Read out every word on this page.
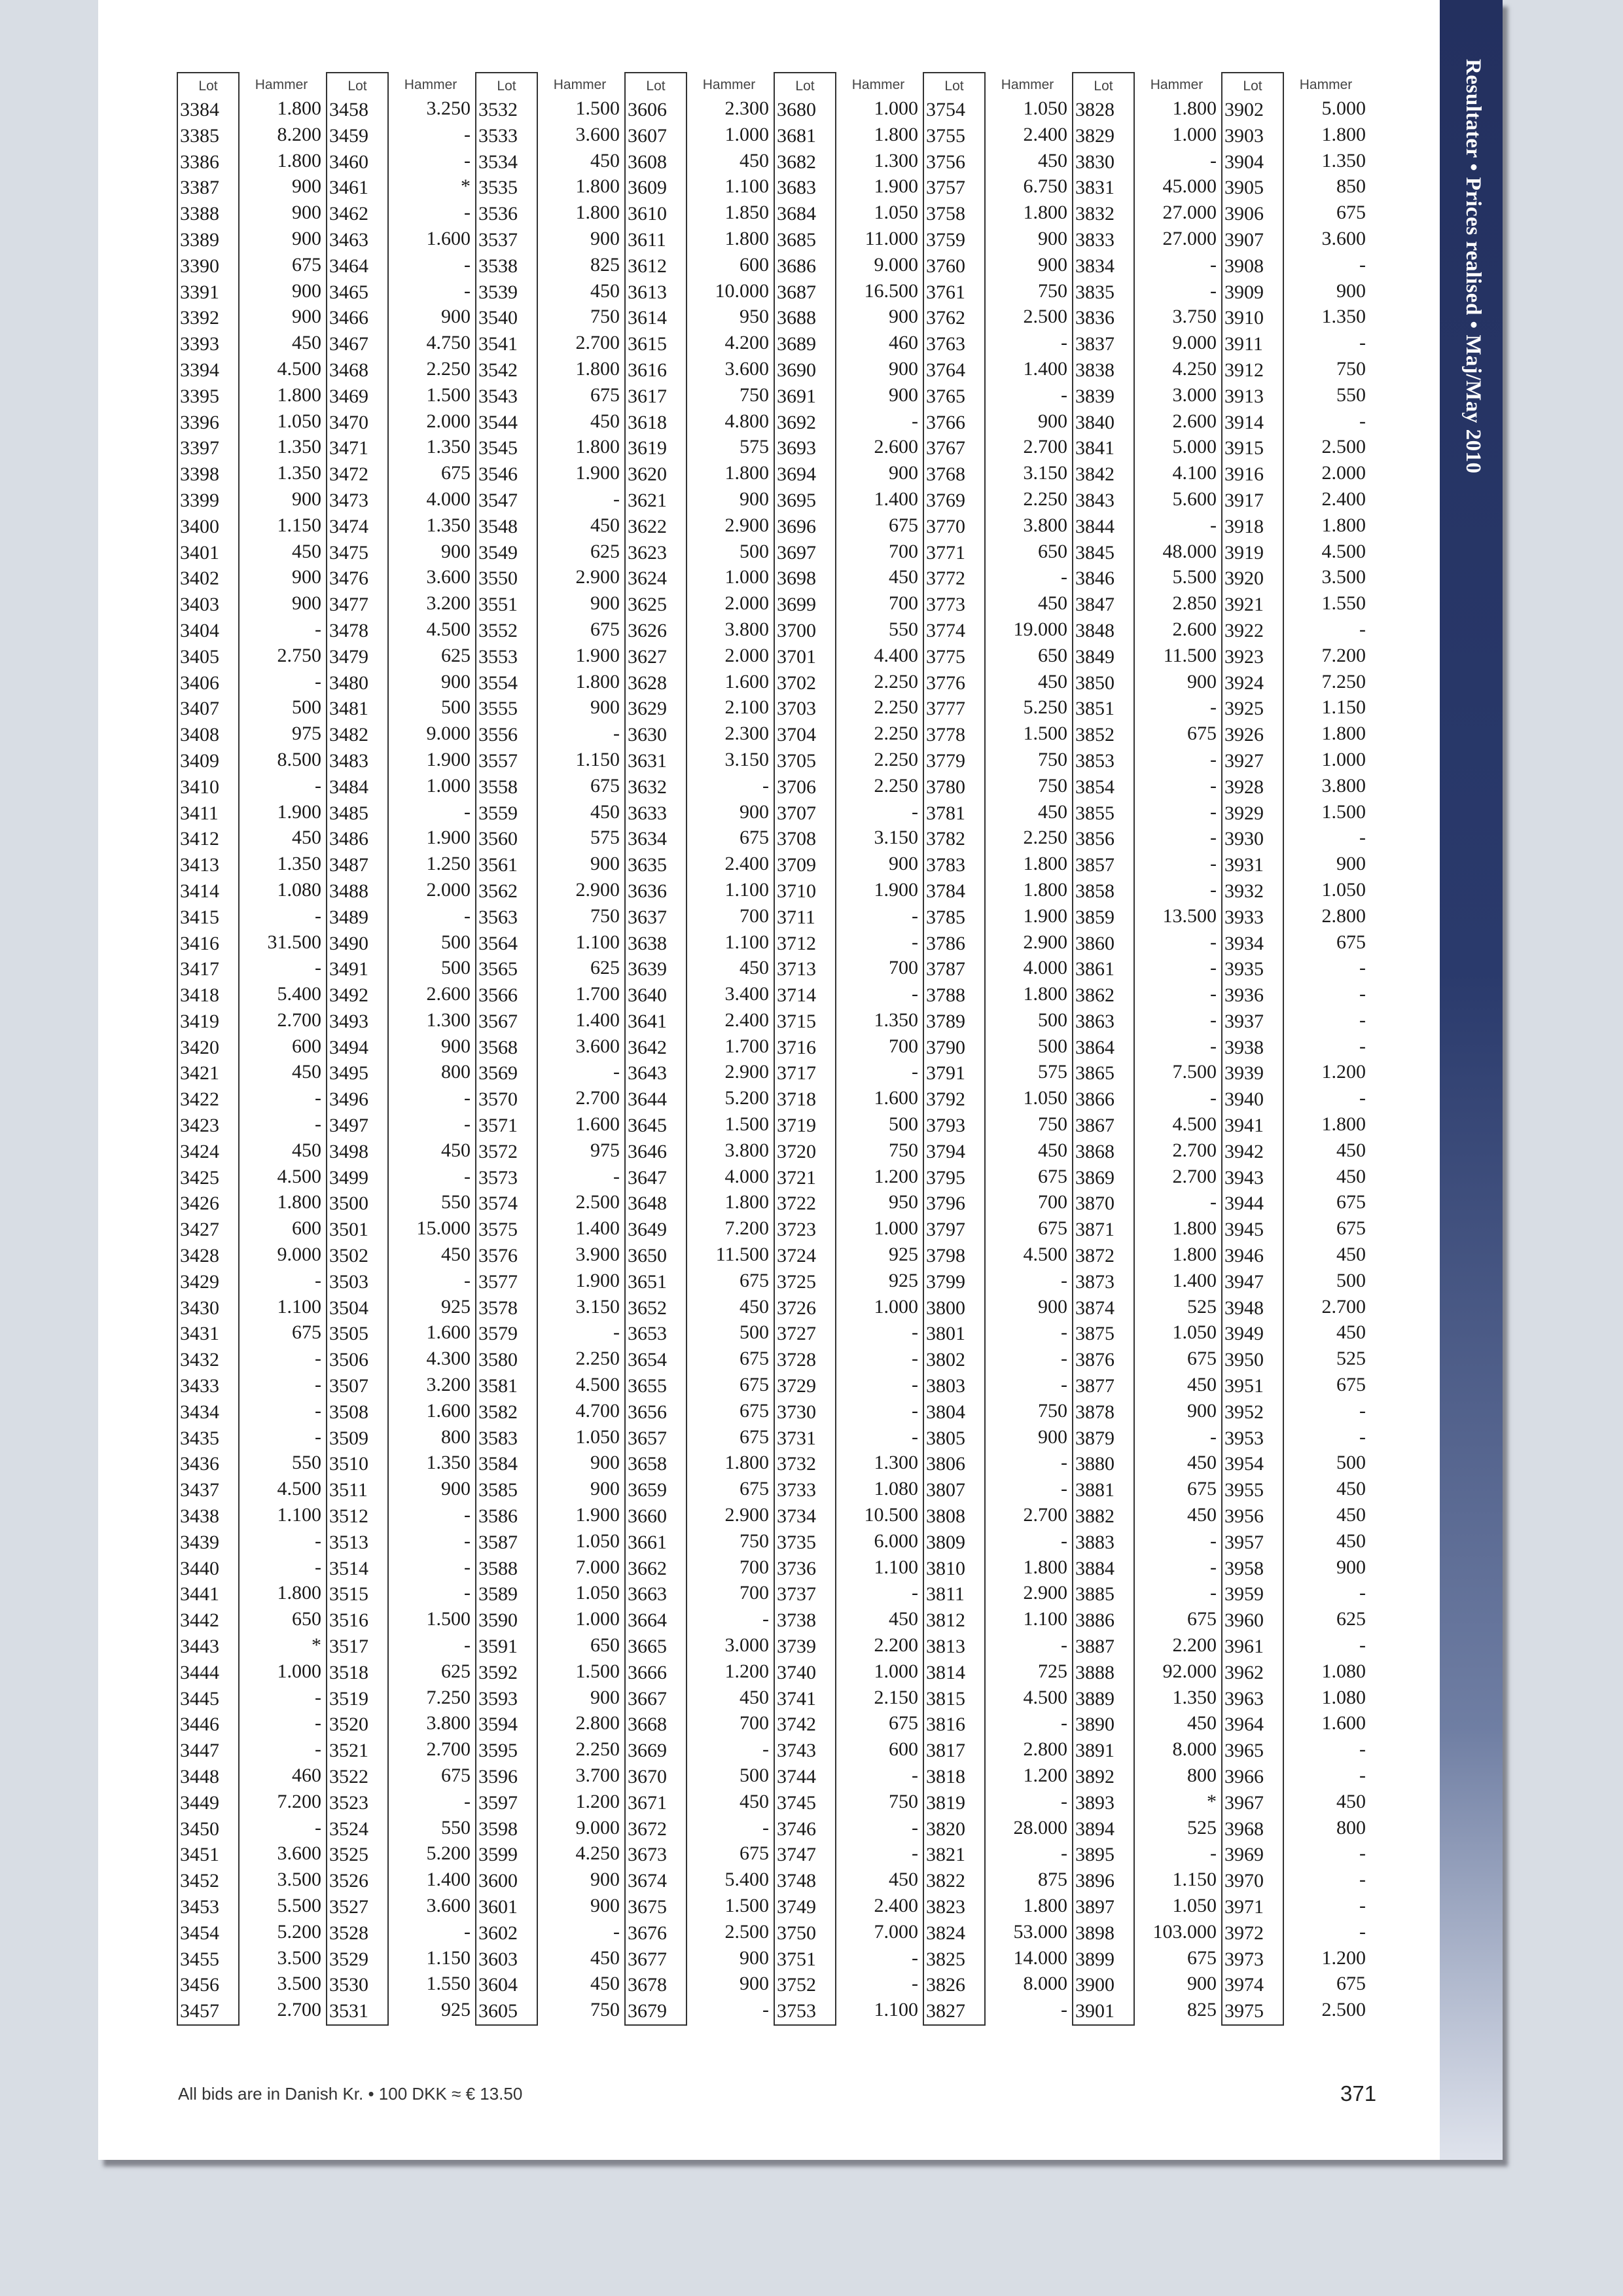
Lot
3384
3385
3386
3387
3388
3389
3390
3391
3392
3393
3394
3395
3396
3397
3398
3399
3400
3401
3402
3403
3404
3405
3406
3407
3408
3409
3410
3411
3412
3413
3414
3415
3416
3417
3418
3419
3420
3421
3422
3423
3424
3425
3426
3427
3428
3429
3430
3431
3432
3433
3434
3435
3436
3437
3438
3439
3440
3441
3442
3443
3444
3445
3446
3447
3448
3449
3450
3451
3452
3453
3454
3455
3456
3457
Hammer
1.800
8.200
1.800
900
900
900
675
900
900
450
4.500
1.800
1.050
1.350
1.350
900
1.150
450
900
900
-
2.750
-
500
975
8.500
-
1.900
450
1.350
1.080
-
31.500
-
5.400
2.700
600
450
-
-
450
4.500
1.800
600
9.000
-
1.100
675
-
-
-
-
550
4.500
1.100
-
-
1.800
650
*
1.000
-
-
-
460
7.200
-
3.600
3.500
5.500
5.200
3.500
3.500
2.700
Lot
3458
3459
3460
3461
3462
3463
3464
3465
3466
3467
3468
3469
3470
3471
3472
3473
3474
3475
3476
3477
3478
3479
3480
3481
3482
3483
3484
3485
3486
3487
3488
3489
3490
3491
3492
3493
3494
3495
3496
3497
3498
3499
3500
3501
3502
3503
3504
3505
3506
3507
3508
3509
3510
3511
3512
3513
3514
3515
3516
3517
3518
3519
3520
3521
3522
3523
3524
3525
3526
3527
3528
3529
3530
3531
Hammer
3.250
-
-
*
-
1.600
-
-
900
4.750
2.250
1.500
2.000
1.350
675
4.000
1.350
900
3.600
3.200
4.500
625
900
500
9.000
1.900
1.000
-
1.900
1.250
2.000
-
500
500
2.600
1.300
900
800
-
-
450
-
550
15.000
450
-
925
1.600
4.300
3.200
1.600
800
1.350
900
-
-
-
-
1.500
-
625
7.250
3.800
2.700
675
-
550
5.200
1.400
3.600
-
1.150
1.550
925
Lot
3532
3533
3534
3535
3536
3537
3538
3539
3540
3541
3542
3543
3544
3545
3546
3547
3548
3549
3550
3551
3552
3553
3554
3555
3556
3557
3558
3559
3560
3561
3562
3563
3564
3565
3566
3567
3568
3569
3570
3571
3572
3573
3574
3575
3576
3577
3578
3579
3580
3581
3582
3583
3584
3585
3586
3587
3588
3589
3590
3591
3592
3593
3594
3595
3596
3597
3598
3599
3600
3601
3602
3603
3604
3605
Hammer
1.500
3.600
450
1.800
1.800
900
825
450
750
2.700
1.800
675
450
1.800
1.900
-
450
625
2.900
900
675
1.900
1.800
900
-
1.150
675
450
575
900
2.900
750
1.100
625
1.700
1.400
3.600
-
2.700
1.600
975
-
2.500
1.400
3.900
1.900
3.150
-
2.250
4.500
4.700
1.050
900
900
1.900
1.050
7.000
1.050
1.000
650
1.500
900
2.800
2.250
3.700
1.200
9.000
4.250
900
900
-
450
450
750
Lot
3606
3607
3608
3609
3610
3611
3612
3613
3614
3615
3616
3617
3618
3619
3620
3621
3622
3623
3624
3625
3626
3627
3628
3629
3630
3631
3632
3633
3634
3635
3636
3637
3638
3639
3640
3641
3642
3643
3644
3645
3646
3647
3648
3649
3650
3651
3652
3653
3654
3655
3656
3657
3658
3659
3660
3661
3662
3663
3664
3665
3666
3667
3668
3669
3670
3671
3672
3673
3674
3675
3676
3677
3678
3679
Hammer
2.300
1.000
450
1.100
1.850
1.800
600
10.000
950
4.200
3.600
750
4.800
575
1.800
900
2.900
500
1.000
2.000
3.800
2.000
1.600
2.100
2.300
3.150
-
900
675
2.400
1.100
700
1.100
450
3.400
2.400
1.700
2.900
5.200
1.500
3.800
4.000
1.800
7.200
11.500
675
450
500
675
675
675
675
1.800
675
2.900
750
700
700
-
3.000
1.200
450
700
-
500
450
-
675
5.400
1.500
2.500
900
900
-
Lot
3680
3681
3682
3683
3684
3685
3686
3687
3688
3689
3690
3691
3692
3693
3694
3695
3696
3697
3698
3699
3700
3701
3702
3703
3704
3705
3706
3707
3708
3709
3710
3711
3712
3713
3714
3715
3716
3717
3718
3719
3720
3721
3722
3723
3724
3725
3726
3727
3728
3729
3730
3731
3732
3733
3734
3735
3736
3737
3738
3739
3740
3741
3742
3743
3744
3745
3746
3747
3748
3749
3750
3751
3752
3753
Hammer
1.000
1.800
1.300
1.900
1.050
11.000
9.000
16.500
900
460
900
900
-
2.600
900
1.400
675
700
450
700
550
4.400
2.250
2.250
2.250
2.250
2.250
-
3.150
900
1.900
-
-
700
-
1.350
700
-
1.600
500
750
1.200
950
1.000
925
925
1.000
-
-
-
-
-
1.300
1.080
10.500
6.000
1.100
-
450
2.200
1.000
2.150
675
600
-
750
-
-
450
2.400
7.000
-
-
1.100
Lot
3754
3755
3756
3757
3758
3759
3760
3761
3762
3763
3764
3765
3766
3767
3768
3769
3770
3771
3772
3773
3774
3775
3776
3777
3778
3779
3780
3781
3782
3783
3784
3785
3786
3787
3788
3789
3790
3791
3792
3793
3794
3795
3796
3797
3798
3799
3800
3801
3802
3803
3804
3805
3806
3807
3808
3809
3810
3811
3812
3813
3814
3815
3816
3817
3818
3819
3820
3821
3822
3823
3824
3825
3826
3827
Hammer
1.050
2.400
450
6.750
1.800
900
900
750
2.500
-
1.400
-
900
2.700
3.150
2.250
3.800
650
-
450
19.000
650
450
5.250
1.500
750
750
450
2.250
1.800
1.800
1.900
2.900
4.000
1.800
500
500
575
1.050
750
450
675
700
675
4.500
-
900
-
-
-
750
900
-
-
2.700
-
1.800
2.900
1.100
-
725
4.500
-
2.800
1.200
-
28.000
-
875
1.800
53.000
14.000
8.000
-
Lot
3828
3829
3830
3831
3832
3833
3834
3835
3836
3837
3838
3839
3840
3841
3842
3843
3844
3845
3846
3847
3848
3849
3850
3851
3852
3853
3854
3855
3856
3857
3858
3859
3860
3861
3862
3863
3864
3865
3866
3867
3868
3869
3870
3871
3872
3873
3874
3875
3876
3877
3878
3879
3880
3881
3882
3883
3884
3885
3886
3887
3888
3889
3890
3891
3892
3893
3894
3895
3896
3897
3898
3899
3900
3901
Hammer
1.800
1.000
-
45.000
27.000
27.000
-
-
3.750
9.000
4.250
3.000
2.600
5.000
4.100
5.600
-
48.000
5.500
2.850
2.600
11.500
900
-
675
-
-
-
-
-
-
13.500
-
-
-
-
-
7.500
-
4.500
2.700
2.700
-
1.800
1.800
1.400
525
1.050
675
450
900
-
450
675
450
-
-
-
675
2.200
92.000
1.350
450
8.000
800
*
525
-
1.150
1.050
103.000
675
900
825
Lot
3902
3903
3904
3905
3906
3907
3908
3909
3910
3911
3912
3913
3914
3915
3916
3917
3918
3919
3920
3921
3922
3923
3924
3925
3926
3927
3928
3929
3930
3931
3932
3933
3934
3935
3936
3937
3938
3939
3940
3941
3942
3943
3944
3945
3946
3947
3948
3949
3950
3951
3952
3953
3954
3955
3956
3957
3958
3959
3960
3961
3962
3963
3964
3965
3966
3967
3968
3969
3970
3971
3972
3973
3974
3975
Hammer
5.000
1.800
1.350
850
675
3.600
-
900
1.350
-
750
550
-
2.500
2.000
2.400
1.800
4.500
3.500
1.550
-
7.200
7.250
1.150
1.800
1.000
3.800
1.500
-
900
1.050
2.800
675
-
-
-
-
1.200
-
1.800
450
450
675
675
450
500
2.700
450
525
675
-
-
500
450
450
450
900
-
625
-
1.080
1.080
1.600
-
-
450
800
-
-
-
-
1.200
675
2.500
All bids are in Danish Kr. • 100 DKK ≈ € 13.50	371
Resultater • Prices realised • Maj/May 2010
